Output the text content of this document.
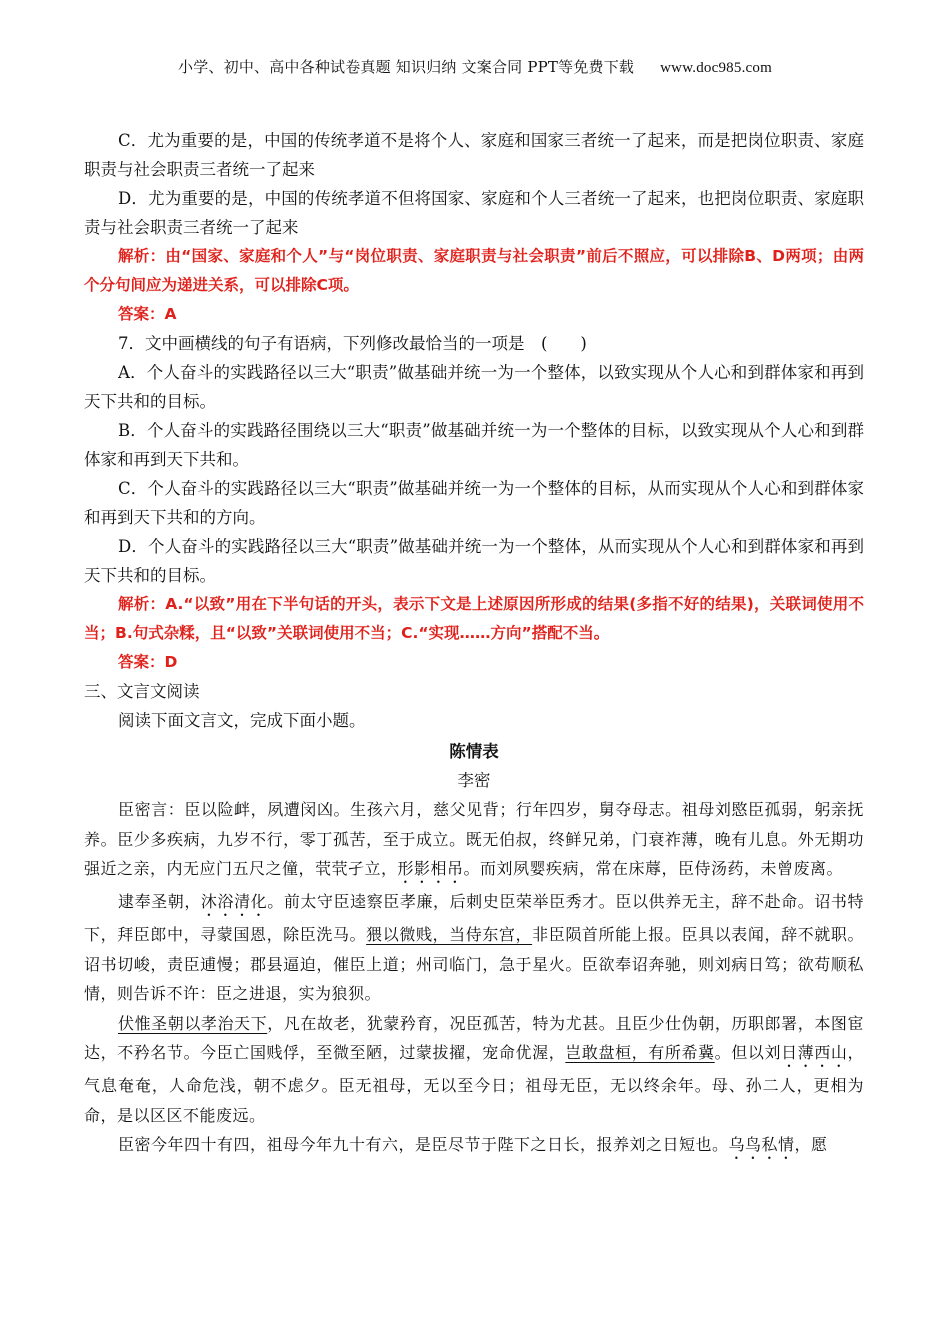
小学、初中、高中各种试卷真题 知识归纳 文案合同 PPT等免费下载 www.doc985.com

C．尤为重要的是，中国的传统孝道不是将个人、家庭和国家三者统一了起来，而是把岗位职责、家庭职责与社会职责三者统一了起来

D．尤为重要的是，中国的传统孝道不但将国家、家庭和个人三者统一了起来，也把岗位职责、家庭职责与社会职责三者统一了起来

解析：由“国家、家庭和个人”与“岗位职责、家庭职责与社会职责”前后不照应，可以排除B、D两项；由两个分句间应为递进关系，可以排除C项。

答案：A

7．文中画横线的句子有语病，下列修改最恰当的一项是　(　　)

A．个人奋斗的实践路径以三大“职责”做基础并统一为一个整体，以致实现从个人心和到群体家和再到天下共和的目标。

B．个人奋斗的实践路径围绕以三大“职责”做基础并统一为一个整体的目标，以致实现从个人心和到群体家和再到天下共和。

C．个人奋斗的实践路径以三大“职责”做基础并统一为一个整体的目标，从而实现从个人心和到群体家和再到天下共和的方向。

D．个人奋斗的实践路径以三大“职责”做基础并统一为一个整体，从而实现从个人心和到群体家和再到天下共和的目标。

解析：A.“以致”用在下半句话的开头，表示下文是上述原因所形成的结果(多指不好的结果)，关联词使用不当；B.句式杂糅，且“以致”关联词使用不当；C.“实现……方向”搭配不当。

答案：D

三、文言文阅读

阅读下面文言文，完成下面小题。

陈情表

李密

臣密言：臣以险衅，夙遭闵凶。生孩六月，慈父见背；行年四岁，舅夺母志。祖母刘愍臣孤弱，躬亲抚养。臣少多疾病，九岁不行，零丁孤苦，至于成立。既无伯叔，终鲜兄弟，门衰祚薄，晚有儿息。外无期功强近之亲，内无应门五尺之僮，茕茕孑立，形影相吊。而刘夙婴疾病，常在床蓐，臣侍汤药，未曾废离。

逮奉圣朝，沐浴清化。前太守臣逵察臣孝廉，后刺史臣荣举臣秀才。臣以供养无主，辞不赴命。诏书特下，拜臣郎中，寻蒙国恩，除臣洗马。猥以微贱，当侍东宫，非臣陨首所能上报。臣具以表闻，辞不就职。诏书切峻，责臣逋慢；郡县逼迫，催臣上道；州司临门，急于星火。臣欲奉诏奔驰，则刘病日笃；欲苟顺私情，则告诉不许：臣之进退，实为狼狈。

伏惟圣朝以孝治天下，凡在故老，犹蒙矜育，况臣孤苦，特为尤甚。且臣少仕伪朝，历职郎署，本图宦达，不矜名节。今臣亡国贱俘，至微至陋，过蒙拔擢，宠命优渥，岂敢盘桓，有所希冀。但以刘日薄西山，气息奄奄，人命危浅，朝不虑夕。臣无祖母，无以至今日；祖母无臣，无以终余年。母、孙二人，更相为命，是以区区不能废远。

臣密今年四十有四，祖母今年九十有六，是臣尽节于陛下之日长，报养刘之日短也。乌鸟私情，愿
